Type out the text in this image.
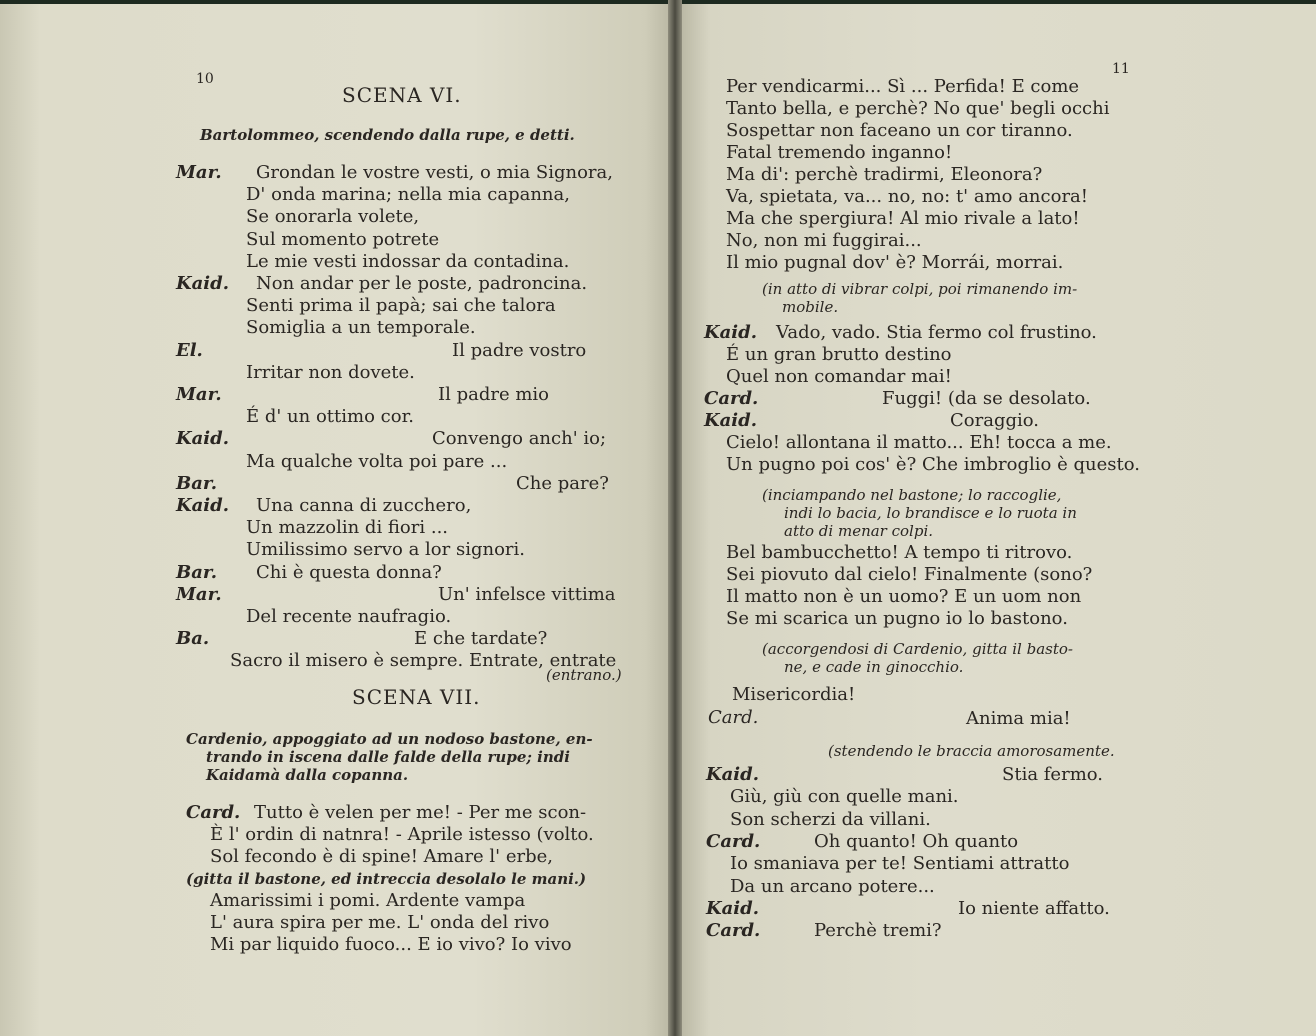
10
SCENA VI.
Bartolommeo, scendendo dalla rupe, e detti.
Mar. Grondan le vostre vesti, o mia Signora,
D' onda marina; nella mia capanna,
Se onorarla volete,
Sul momento potrete
Le mie vesti indossar da contadina.
Kaid. Non andar per le poste, padroncina.
Senti prima il papà; sai che talora
Somiglia a un temporale.
El.	Il padre vostro
Irritar non dovete.
Mar.	Il padre mio
É d' un ottimo cor.
Kaid.	Convengo anch' io;
Ma qualche volta poi pare ...
Bar.	Che pare?
Kaid. Una canna di zucchero,
Un mazzolin di fiori ...
Umilissimo servo a lor signori.
Bar. Chi è questa donna?
Mar.	Un' infelsce vittima
Del recente naufragio.
Ba.	E che tardate?
Sacro il misero è sempre. Entrate, entrate
(entrano.)
SCENA VII.
Cardenio, appoggiato ad un nodoso bastone, en-
trando in iscena dalle falde della rupe; indi
Kaidamà dalla copanna.
Card. Tutto è velen per me! - Per me scon-
È l' ordin di natnra! - Aprile istesso (volto.
Sol fecondo è di spine! Amare l' erbe,
(gitta il bastone, ed intreccia desolalo le mani.)
Amarissimi i pomi. Ardente vampa
L' aura spira per me. L' onda del rivo
Mi par liquido fuoco... E io vivo? Io vivo
11
Per vendicarmi... Sì ... Perfida! E come
Tanto bella, e perchè? No que' begli occhi
Sospettar non faceano un cor tiranno.
Fatal tremendo inganno!
Ma di': perchè tradirmi, Eleonora?
Va, spietata, va... no, no: t' amo ancora!
Ma che spergiura! Al mio rivale a lato!
No, non mi fuggirai...
Il mio pugnal dov' è? Morrái, morrai.
(in atto di vibrar colpi, poi rimanendo im-
mobile.
Kaid. Vado, vado. Stia fermo col frustino.
É un gran brutto destino
Quel non comandar mai!
Card.	Fuggi! (da se desolato.
Kaid.	Coraggio.
Cielo! allontana il matto... Eh! tocca a me.
Un pugno poi cos' è? Che imbroglio è questo.
(inciampando nel bastone; lo raccoglie,
indi lo bacia, lo brandisce e lo ruota in
atto di menar colpi.
Bel bambucchetto! A tempo ti ritrovo.
Sei piovuto dal cielo! Finalmente (sono?
Il matto non è un uomo? E un uom non
Se mi scarica un pugno io lo bastono.
(accorgendosi di Cardenio, gitta il basto-
ne, e cade in ginocchio.
Misericordia!
Card.	Anima mia!
(stendendo le braccia amorosamente.
Kaid.	Stia fermo.
Giù, giù con quelle mani.
Son scherzi da villani.
Card.	Oh quanto! Oh quanto
Io smaniava per te! Sentiami attratto
Da un arcano potere...
Kaid.	Io niente affatto.
Card.	Perchè tremi?
